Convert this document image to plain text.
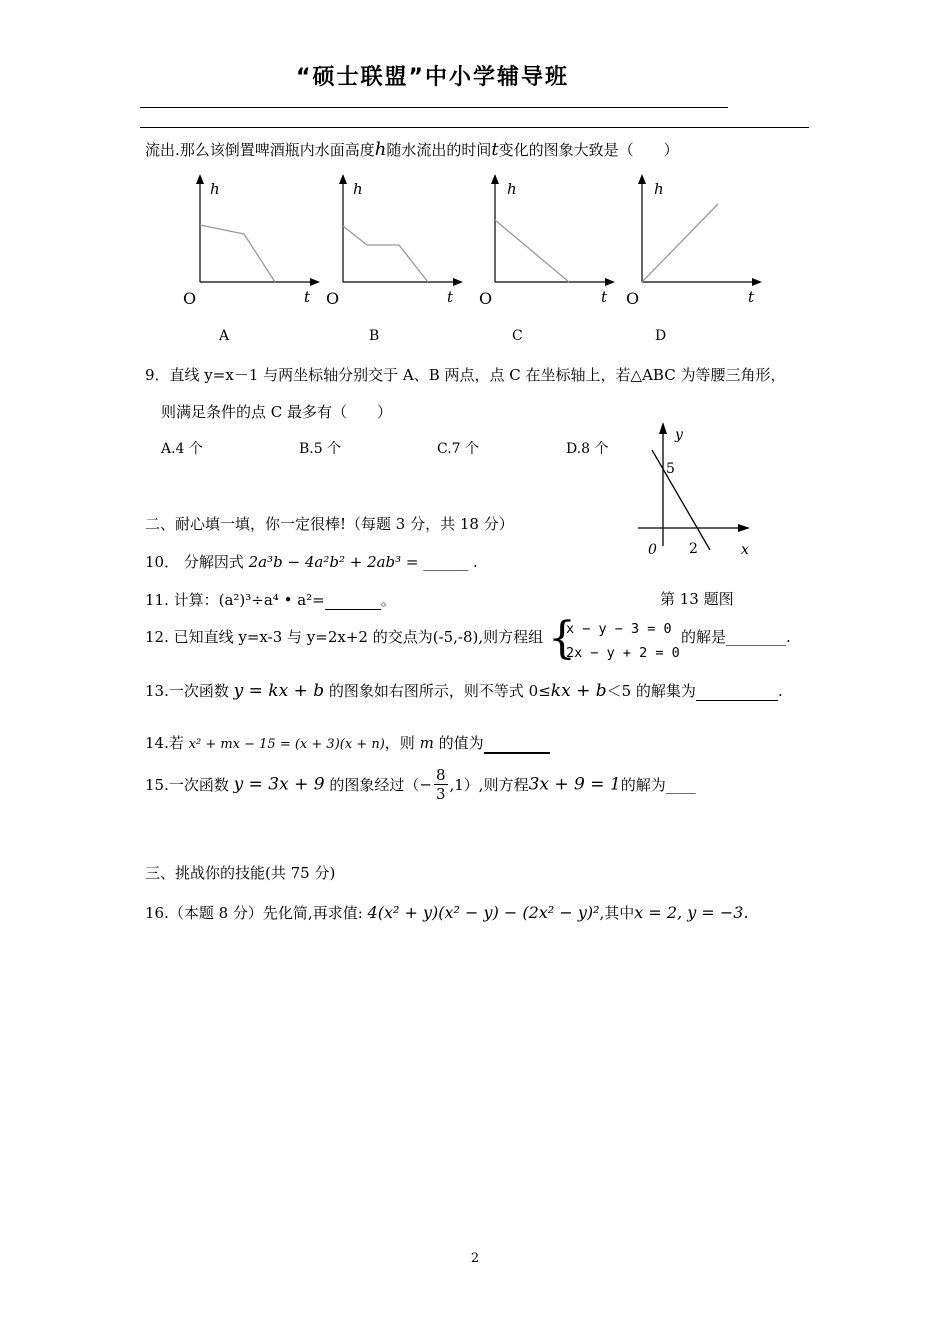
“硕士联盟”中小学辅导班
流出.那么该倒置啤酒瓶内水面高度h随水流出的时间t变化的图象大致是（　　）
h
t
O
A
h
t
O
B
h
t
O
C
h
t
O
D
9．直线 y=x－1 与两坐标轴分别交于 A、B 两点，点 C 在坐标轴上，若△ABC 为等腰三角形，
则满足条件的点 C 最多有（　　）
A.4 个	B.5 个	C.7 个	D.8 个
y
x
0
5
2
第 13 题图
二、耐心填一填，你一定很棒!（每题 3 分，共 18 分）
10． 分解因式 2a³b − 4a²b² + 2ab³ = ______ .
11. 计算：(a²)³÷a⁴ • a²=	。
12. 已知直线 y=x-3 与 y=2x+2 的交点为(-5,-8),则方程组 {
x − y − 3 = 0
2x − y + 2 = 0
的解是________.
13.一次函数 y = kx + b 的图象如右图所示，则不等式 0≤kx + b＜5 的解集为	.
14.若 x² + mx − 15 = (x + 3)(x + n)，则 m 的值为
15.一次函数 y = 3x + 9 的图象经过（− $\frac{8}{3} ,1$）,则方程3x + 9 = 1的解为____
三、挑战你的技能(共 75 分)
16.（本题 8 分）先化简,再求值: 4(x² + y)(x² − y) − (2x² − y)²,其中x = 2, y = −3.
2
